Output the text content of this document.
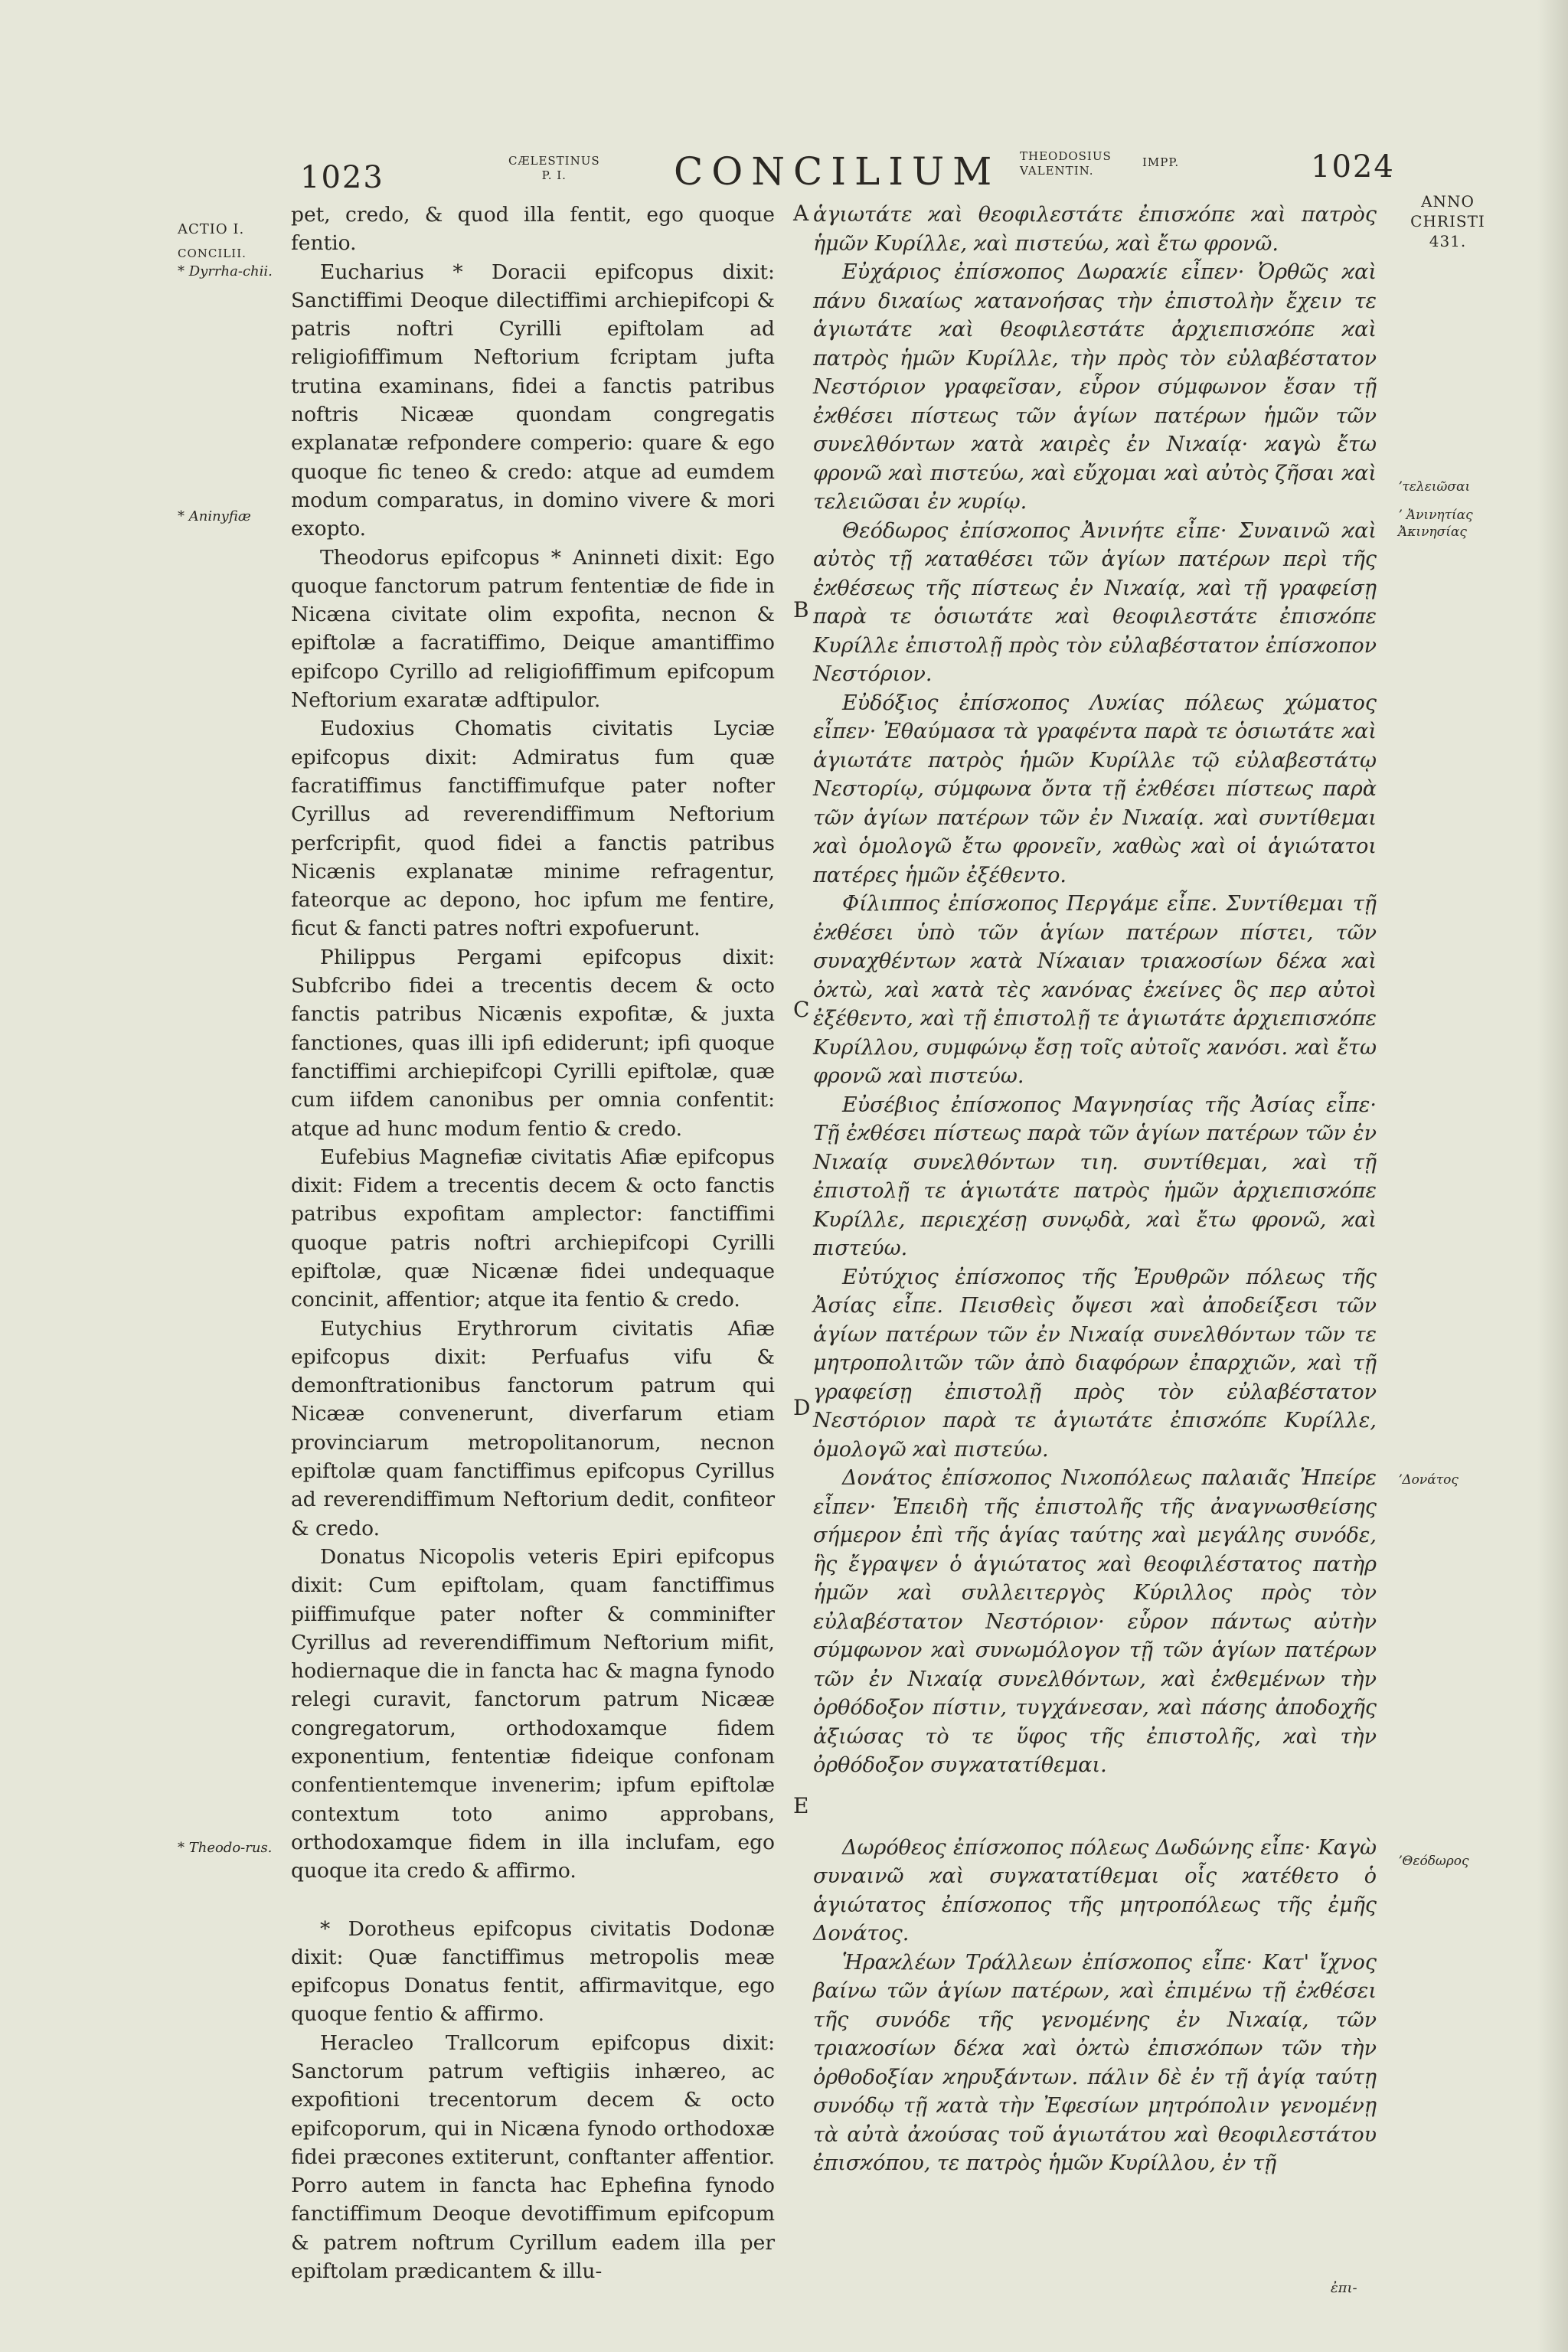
1023	CÆLESTINUS
P. I.	CONCILIUM THEODOSIUS
VALENTIN.
IMPP.	1024
ANNO
CHRISTI
431.
ACTIO I.
CONCILII.
* Dyrrha-chii.
* Aninyfiæ
* Theodo-rus.
ʼτελειῶσαι
ʼ Ἀνινητίας Ἀκινησίας
ʼΔονάτος
ʼΘεόδωρος
A
B
C
D
E

pet, credo, & quod illa fentit, ego quoque fentio.

Eucharius * Doracii epifcopus dixit: Sanctiffimi Deoque dilectiffimi archiepifcopi & patris noftri Cyrilli epiftolam ad religiofiffimum Neftorium fcriptam jufta trutina examinans, fidei a fanctis patribus noftris Nicææ quondam congregatis explanatæ refpondere comperio: quare & ego quoque fic teneo & credo: atque ad eumdem modum comparatus, in domino vivere & mori exopto.

Theodorus epifcopus * Aninneti dixit: Ego quoque fanctorum patrum fententiæ de fide in Nicæna civitate olim expofita, necnon & epiftolæ a facratiffimo, Deique amantiffimo epifcopo Cyrillo ad religiofiffimum epifcopum Neftorium exaratæ adftipulor.

Eudoxius Chomatis civitatis Lyciæ epifcopus dixit: Admiratus fum quæ facratiffimus fanctiffimufque pater nofter Cyrillus ad reverendiffimum Neftorium perfcripfit, quod fidei a fanctis patribus Nicænis explanatæ minime refragentur, fateorque ac depono, hoc ipfum me fentire, ficut & fancti patres noftri expofuerunt.

Philippus Pergami epifcopus dixit: Subfcribo fidei a trecentis decem & octo fanctis patribus Nicænis expofitæ, & juxta fanctiones, quas illi ipfi ediderunt; ipfi quoque fanctiffimi archiepifcopi Cyrilli epiftolæ, quæ cum iifdem canonibus per omnia confentit: atque ad hunc modum fentio & credo.

Eufebius Magnefiæ civitatis Afiæ epifcopus dixit: Fidem a trecentis decem & octo fanctis patribus expofitam amplector: fanctiffimi quoque patris noftri archiepifcopi Cyrilli epiftolæ, quæ Nicænæ fidei undequaque concinit, affentior; atque ita fentio & credo.

Eutychius Erythrorum civitatis Afiæ epifcopus dixit: Perfuafus vifu & demonftrationibus fanctorum patrum qui Nicææ convenerunt, diverfarum etiam provinciarum metropolitanorum, necnon epiftolæ quam fanctiffimus epifcopus Cyrillus ad reverendiffimum Neftorium dedit, confiteor & credo.

Donatus Nicopolis veteris Epiri epifcopus dixit: Cum epiftolam, quam fanctiffimus piiffimufque pater nofter & comminifter Cyrillus ad reverendiffimum Neftorium mifit, hodiernaque die in fancta hac & magna fynodo relegi curavit, fanctorum patrum Nicææ congregatorum, orthodoxamque fidem exponentium, fententiæ fideique confonam confentientemque invenerim; ipfum epiftolæ contextum toto animo approbans, orthodoxamque fidem in illa inclufam, ego quoque ita credo & affirmo.

* Dorotheus epifcopus civitatis Dodonæ dixit: Quæ fanctiffimus metropolis meæ epifcopus Donatus fentit, affirmavitque, ego quoque fentio & affirmo.

Heracleo Trallcorum epifcopus dixit: Sanctorum patrum veftigiis inhæreo, ac expofitioni trecentorum decem & octo epifcoporum, qui in Nicæna fynodo orthodoxæ fidei præcones extiterunt, conftanter affentior. Porro autem in fancta hac Ephefina fynodo fanctiffimum Deoque devotiffimum epifcopum & patrem noftrum Cyrillum eadem illa per epiftolam prædicantem & illu-

ἁγιωτάτε ϰαὶ θεοφιλεστάτε ἐπισϰόπε ϰαὶ πατρὸς ἡμῶν Κυρίλλε, ϰαὶ πιστεύω, ϰαὶ ἔτω φρονῶ.

Εὐχάριος ἐπίσϰοπος Δωραϰίε εἶπεν· Ὀρθῶς ϰαὶ πάνυ διϰαίως ϰατανοήσας τὴν ἐπιστολὴν ἔχειν τε ἁγιωτάτε ϰαὶ θεοφιλεστάτε ἀρχιεπισϰόπε ϰαὶ πατρὸς ἡμῶν Κυρίλλε, τὴν πρὸς τὸν εὐλαβέστατον Νεστόριον γραφεῖσαν, εὗρον σύμφωνον ἔσαν τῇ ἐϰθέσει πίστεως τῶν ἁγίων πατέρων ἡμῶν τῶν συνελθόντων ϰατὰ ϰαιρὲς ἐν Νιϰαίᾳ· ϰαγὼ ἔτω φρονῶ ϰαὶ πιστεύω, ϰαὶ εὔχομαι ϰαὶ αὐτὸς ζῆσαι ϰαὶ τελειῶσαι ἐν ϰυρίῳ.

Θεόδωρος ἐπίσϰοπος Ἀνινήτε εἶπε· Συναινῶ ϰαὶ αὐτὸς τῇ ϰαταθέσει τῶν ἁγίων πατέρων περὶ τῆς ἐϰθέσεως τῆς πίστεως ἐν Νιϰαίᾳ, ϰαὶ τῇ γραφείσῃ παρὰ τε ὁσιωτάτε ϰαὶ θεοφιλεστάτε ἐπισϰόπε Κυρίλλε ἐπιστολῇ πρὸς τὸν εὐλαβέστατον ἐπίσϰοπον Νεστόριον.

Εὐδόξιος ἐπίσϰοπος Λυϰίας πόλεως χώματος εἶπεν· Ἐθαύμασα τὰ γραφέντα παρὰ τε ὁσιωτάτε ϰαὶ ἁγιωτάτε πατρὸς ἡμῶν Κυρίλλε τῷ εὐλαβεστάτῳ Νεστορίῳ, σύμφωνα ὄντα τῇ ἐϰθέσει πίστεως παρὰ τῶν ἁγίων πατέρων τῶν ἐν Νιϰαίᾳ. ϰαὶ συντίθεμαι ϰαὶ ὁμολογῶ ἔτω φρονεῖν, ϰαθὼς ϰαὶ οἱ ἁγιώτατοι πατέρες ἡμῶν ἐξέθεντο.

Φίλιππος ἐπίσϰοπος Περγάμε εἶπε. Συντίθεμαι τῇ ἐϰθέσει ὑπὸ τῶν ἁγίων πατέρων πίστει, τῶν συναχθέντων ϰατὰ Νίϰαιαν τριαϰοσίων δέϰα ϰαὶ ὀϰτὼ, ϰαὶ ϰατὰ τὲς ϰανόνας ἐϰείνες ὃς περ αὐτοὶ ἐξέθεντο, ϰαὶ τῇ ἐπιστολῇ τε ἁγιωτάτε ἀρχιεπισϰόπε Κυρίλλου, συμφώνῳ ἔσῃ τοῖς αὐτοῖς ϰανόσι. ϰαὶ ἔτω φρονῶ ϰαὶ πιστεύω.

Εὐσέβιος ἐπίσϰοπος Μαγνησίας τῆς Ἀσίας εἶπε· Τῇ ἐϰθέσει πίστεως παρὰ τῶν ἁγίων πατέρων τῶν ἐν Νιϰαίᾳ συνελθόντων τιη. συντίθεμαι, ϰαὶ τῇ ἐπιστολῇ τε ἁγιωτάτε πατρὸς ἡμῶν ἀρχιεπισϰόπε Κυρίλλε, περιεχέσῃ συνῳδὰ, ϰαὶ ἔτω φρονῶ, ϰαὶ πιστεύω.

Εὐτύχιος ἐπίσϰοπος τῆς Ἐρυθρῶν πόλεως τῆς Ἀσίας εἶπε. Πεισθεὶς ὄψεσι ϰαὶ ἀποδείξεσι τῶν ἁγίων πατέρων τῶν ἐν Νιϰαίᾳ συνελθόντων τῶν τε μητροπολιτῶν τῶν ἀπὸ διαφόρων ἐπαρχιῶν, ϰαὶ τῇ γραφείσῃ ἐπιστολῇ πρὸς τὸν εὐλαβέστατον Νεστόριον παρὰ τε ἁγιωτάτε ἐπισϰόπε Κυρίλλε, ὁμολογῶ ϰαὶ πιστεύω.

Δονάτος ἐπίσϰοπος Νιϰοπόλεως παλαιᾶς Ἠπείρε εἶπεν· Ἐπειδὴ τῆς ἐπιστολῆς τῆς ἀναγνωσθείσης σήμερον ἐπὶ τῆς ἁγίας ταύτης ϰαὶ μεγάλης συνόδε, ἣς ἔγραψεν ὁ ἁγιώτατος ϰαὶ θεοφιλέστατος πατὴρ ἡμῶν ϰαὶ συλλειτεργὸς Κύριλλος πρὸς τὸν εὐλαβέστατον Νεστόριον· εὗρον πάντως αὐτὴν σύμφωνον ϰαὶ συνωμόλογον τῇ τῶν ἁγίων πατέρων τῶν ἐν Νιϰαίᾳ συνελθόντων, ϰαὶ ἐϰθεμένων τὴν ὀρθόδοξον πίστιν, τυγχάνεσαν, ϰαὶ πάσης ἀποδοχῆς ἀξιώσας τὸ τε ὕφος τῆς ἐπιστολῆς, ϰαὶ τὴν ὀρθόδοξον συγϰατατίθεμαι.

Δωρόθεος ἐπίσϰοπος πόλεως Δωδώνης εἶπε· Καγὼ συναινῶ ϰαὶ συγϰατατίθεμαι οἷς ϰατέθετο ὁ ἁγιώτατος ἐπίσϰοπος τῆς μητροπόλεως τῆς ἐμῆς Δονάτος.

Ἡραϰλέων Τράλλεων ἐπίσϰοπος εἶπε· Κατ' ἴχνος βαίνω τῶν ἁγίων πατέρων, ϰαὶ ἐπιμένω τῇ ἐϰθέσει τῆς συνόδε τῆς γενομένης ἐν Νιϰαίᾳ, τῶν τριαϰοσίων δέϰα ϰαὶ ὀϰτὼ ἐπισϰόπων τῶν τὴν ὀρθοδοξίαν ϰηρυξάντων. πάλιν δὲ ἐν τῇ ἁγίᾳ ταύτῃ συνόδῳ τῇ ϰατὰ τὴν Ἐφεσίων μητρόπολιν γενομένῃ τὰ αὐτὰ ἀϰούσας τοῦ ἁγιωτάτου ϰαὶ θεοφιλεστάτου ἐπισϰόπου, τε πατρὸς ἡμῶν Κυρίλλου, ἐν τῇ

ἐπι-
